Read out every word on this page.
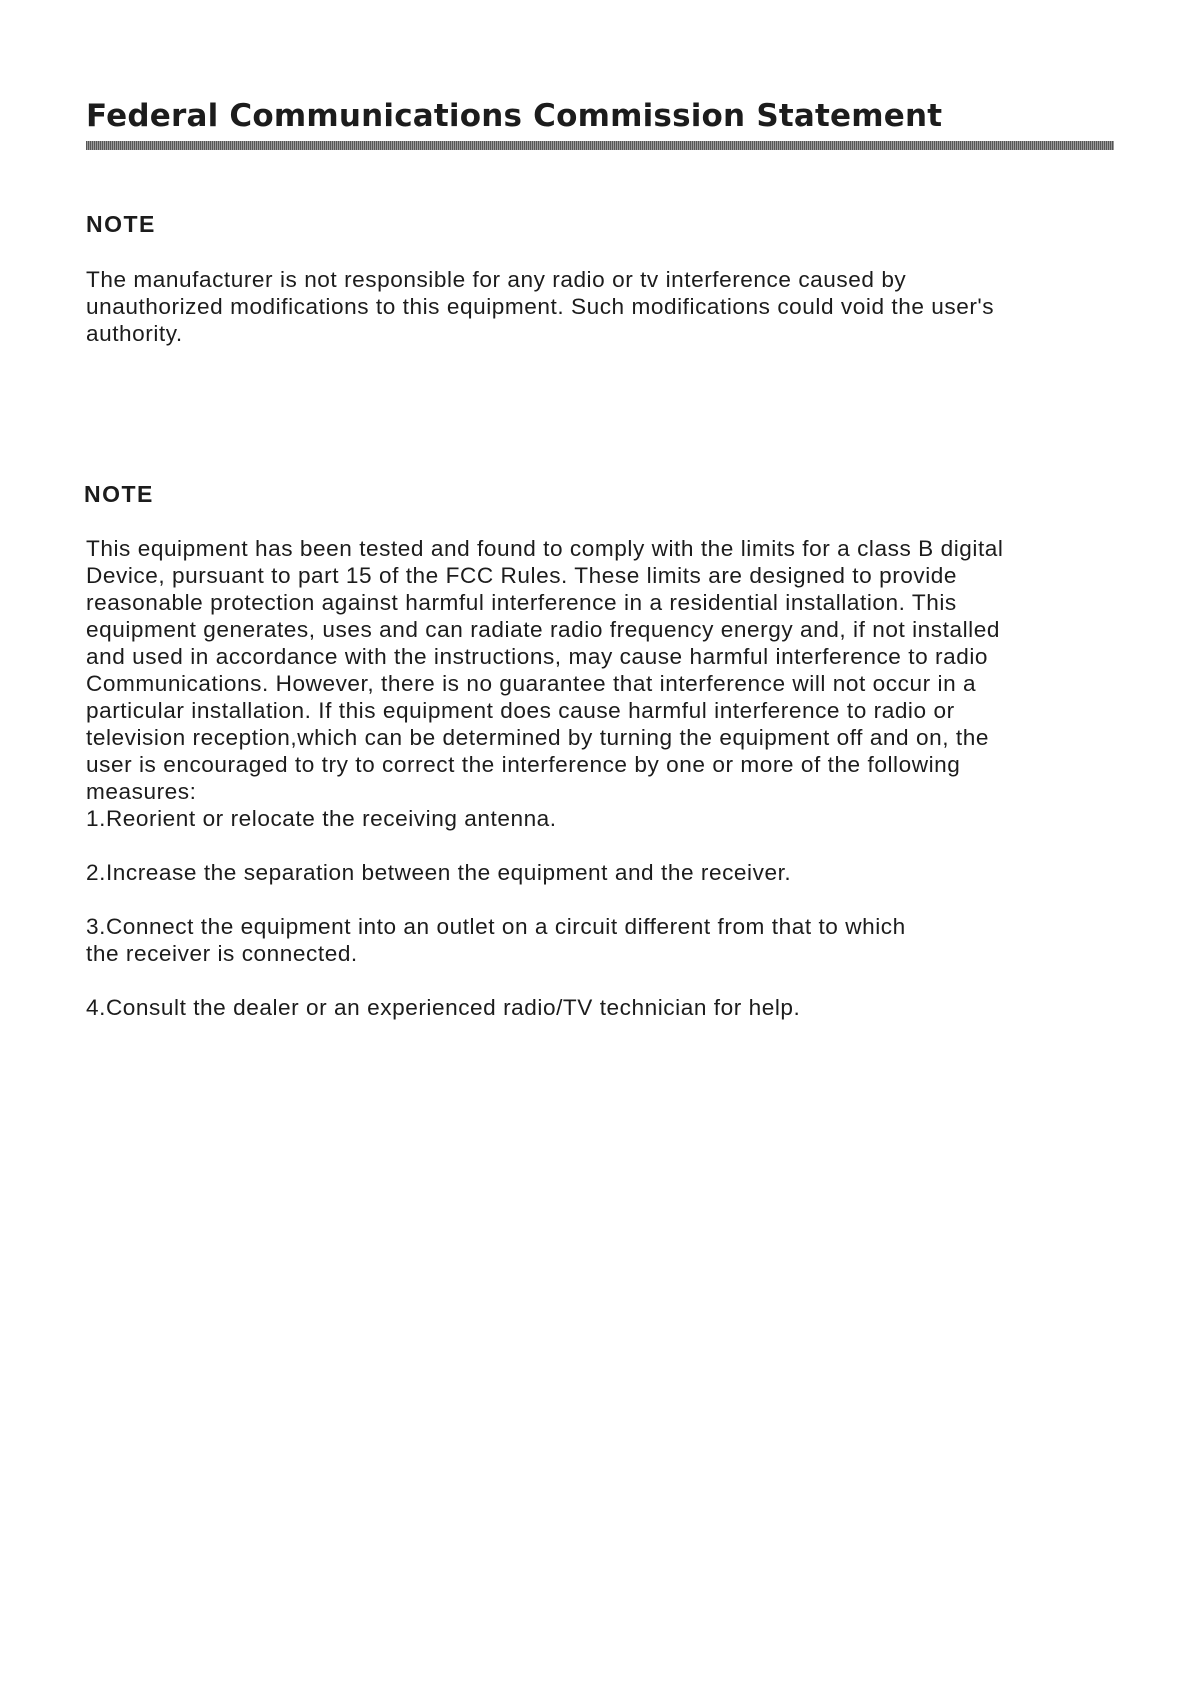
Federal Communications Commission Statement
NOTE
The manufacturer is not responsible for any radio or tv interference caused by
unauthorized modifications to this equipment. Such modifications could void the user's
authority.
NOTE
This equipment has been tested and found to comply with the limits for a class B digital
Device, pursuant to part 15 of the FCC Rules. These limits are designed to provide
reasonable protection against harmful interference in a residential installation. This
equipment generates, uses and can radiate radio frequency energy and, if not installed
and used in accordance with the instructions, may cause harmful interference to radio
Communications. However, there is no guarantee that interference will not occur in a
particular installation. If this equipment does cause harmful interference to radio or
television reception,which can be determined by turning the equipment off and on, the
user is encouraged to try to correct the interference by one or more of the following
measures:
1.Reorient or relocate the receiving antenna.
2.Increase the separation between the equipment and the receiver.
3.Connect the equipment into an outlet on a circuit different from that to which
the receiver is connected.
4.Consult the dealer or an experienced radio/TV technician for help.
